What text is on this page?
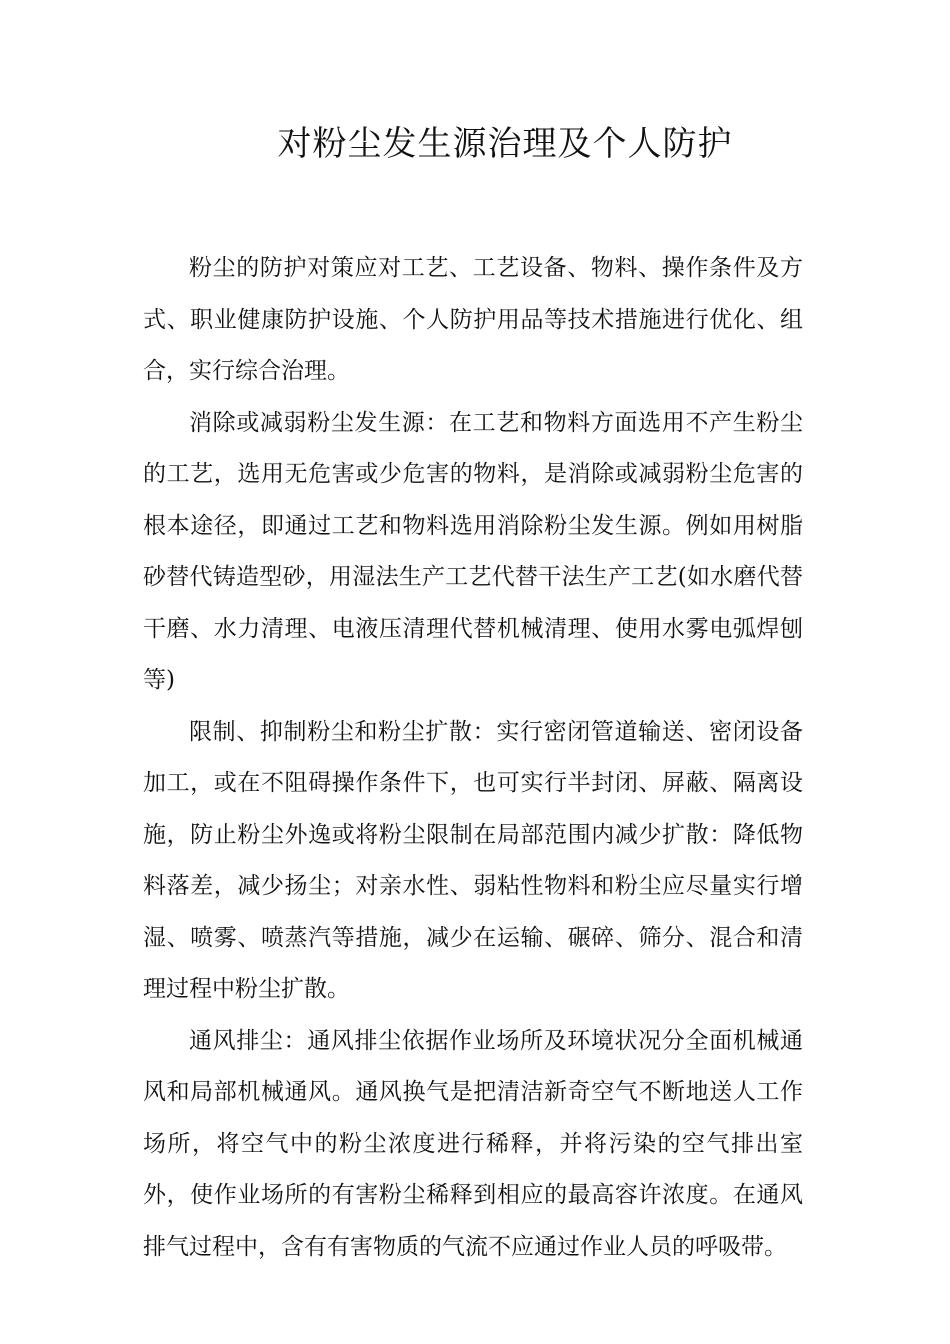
对粉尘发生源治理及个人防护

粉尘的防护对策应对工艺、工艺设备、物料、操作条件及方式、职业健康防护设施、个人防护用品等技术措施进行优化、组合，实行综合治理。

消除或减弱粉尘发生源：在工艺和物料方面选用不产生粉尘的工艺，选用无危害或少危害的物料，是消除或减弱粉尘危害的根本途径，即通过工艺和物料选用消除粉尘发生源。例如用树脂砂替代铸造型砂，用湿法生产工艺代替干法生产工艺(如水磨代替干磨、水力清理、电液压清理代替机械清理、使用水雾电弧焊刨等)

限制、抑制粉尘和粉尘扩散：实行密闭管道输送、密闭设备加工，或在不阻碍操作条件下，也可实行半封闭、屏蔽、隔离设施，防止粉尘外逸或将粉尘限制在局部范围内减少扩散：降低物料落差，减少扬尘；对亲水性、弱粘性物料和粉尘应尽量实行增湿、喷雾、喷蒸汽等措施，减少在运输、碾碎、筛分、混合和清理过程中粉尘扩散。

通风排尘：通风排尘依据作业场所及环境状况分全面机械通风和局部机械通风。通风换气是把清洁新奇空气不断地送人工作场所，将空气中的粉尘浓度进行稀释，并将污染的空气排出室外，使作业场所的有害粉尘稀释到相应的最高容许浓度。在通风排气过程中，含有有害物质的气流不应通过作业人员的呼吸带。
